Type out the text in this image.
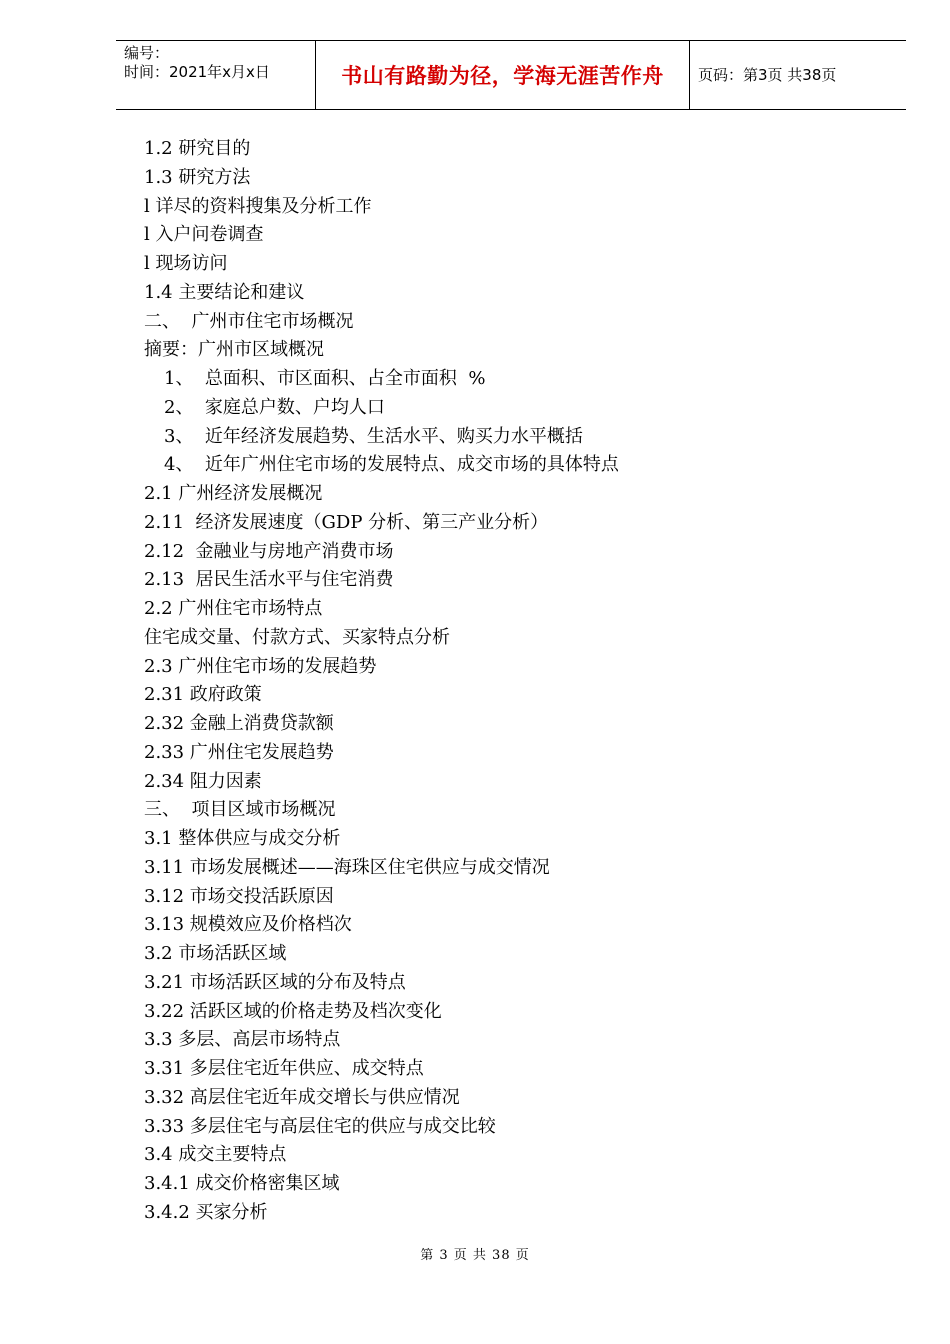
编号：
时间：2021年x月x日	书山有路勤为径，学海无涯苦作舟	页码：第3页 共38页
1.2 研究目的
1.3 研究方法
l 详尽的资料搜集及分析工作
l 入户问卷调查
l 现场访问
1.4 主要结论和建议
二、  广州市住宅市场概况
摘要：广州市区域概况
1、  总面积、市区面积、占全市面积  %
2、  家庭总户数、户均人口
3、  近年经济发展趋势、生活水平、购买力水平概括
4、  近年广州住宅市场的发展特点、成交市场的具体特点
2.1 广州经济发展概况
2.11  经济发展速度（GDP 分析、第三产业分析）
2.12  金融业与房地产消费市场
2.13  居民生活水平与住宅消费
2.2 广州住宅市场特点
住宅成交量、付款方式、买家特点分析
2.3 广州住宅市场的发展趋势
2.31 政府政策
2.32 金融上消费贷款额
2.33 广州住宅发展趋势
2.34 阻力因素
三、  项目区域市场概况
3.1 整体供应与成交分析
3.11 市场发展概述——海珠区住宅供应与成交情况
3.12 市场交投活跃原因
3.13 规模效应及价格档次
3.2 市场活跃区域
3.21 市场活跃区域的分布及特点
3.22 活跃区域的价格走势及档次变化
3.3 多层、高层市场特点
3.31 多层住宅近年供应、成交特点
3.32 高层住宅近年成交增长与供应情况
3.33 多层住宅与高层住宅的供应与成交比较
3.4 成交主要特点
3.4.1 成交价格密集区域
3.4.2 买家分析
第 3 页 共 38 页
